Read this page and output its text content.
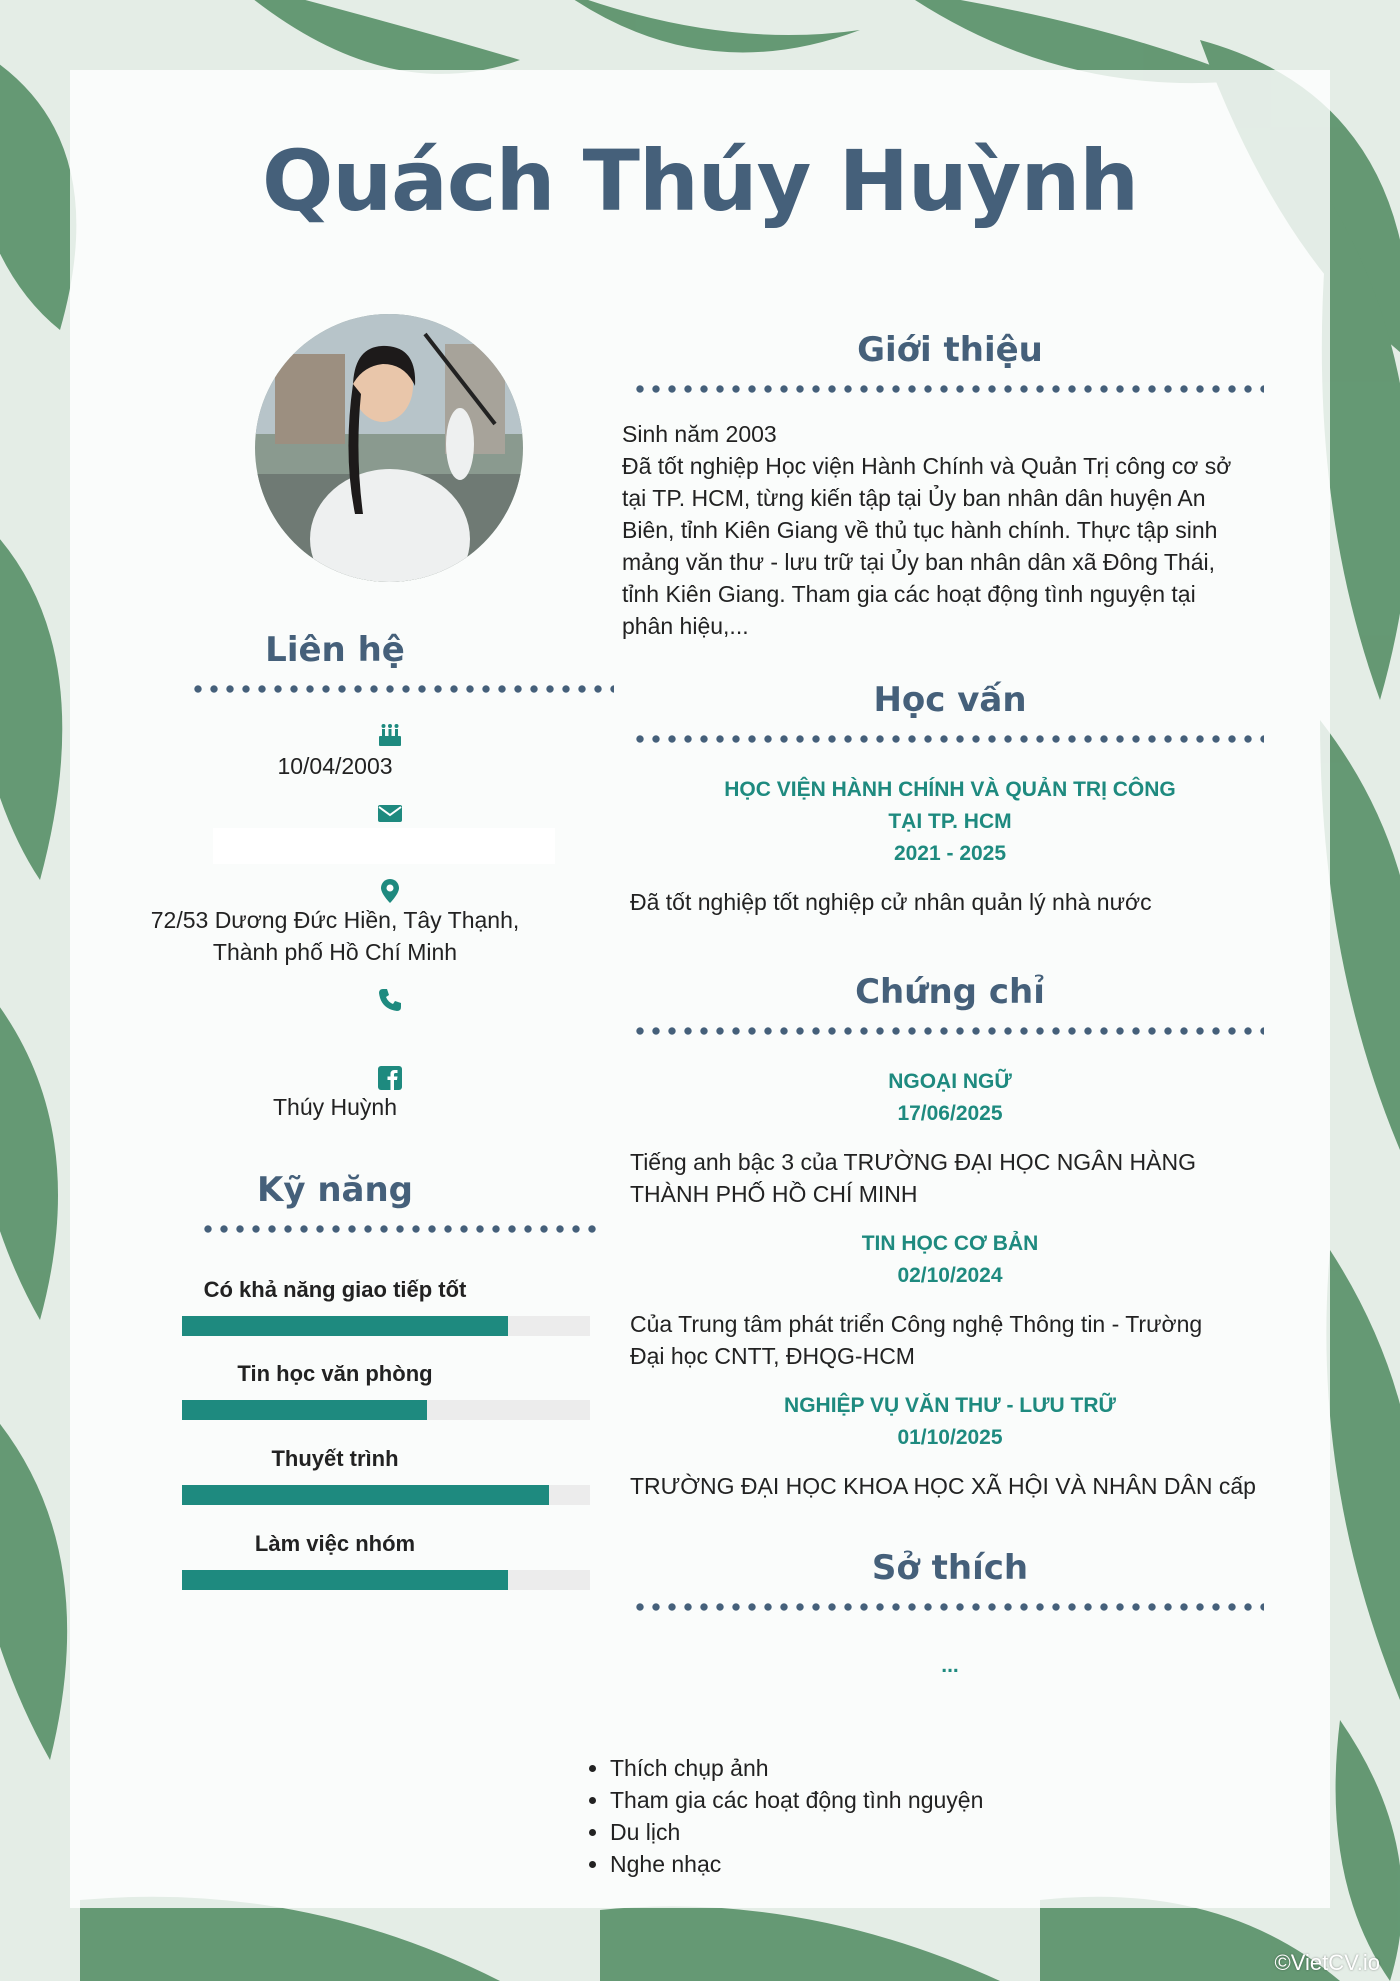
Quách Thúy Huỳnh
Liên hệ
10/04/2003
72/53 Dương Đức Hiền, Tây Thạnh,
Thành phố Hồ Chí Minh
Thúy Huỳnh
Kỹ năng
Có khả năng giao tiếp tốt
Tin học văn phòng
Thuyết trình
Làm việc nhóm
Giới thiệu
Sinh năm 2003
Đã tốt nghiệp Học viện Hành Chính và Quản Trị công cơ sở
tại TP. HCM, từng kiến tập tại Ủy ban nhân dân huyện An
Biên, tỉnh Kiên Giang về thủ tục hành chính. Thực tập sinh
mảng văn thư - lưu trữ tại Ủy ban nhân dân xã Đông Thái,
tỉnh Kiên Giang. Tham gia các hoạt động tình nguyện tại
phân hiệu,...
Học vấn
HỌC VIỆN HÀNH CHÍNH VÀ QUẢN TRỊ CÔNG
TẠI TP. HCM
2021 - 2025
Đã tốt nghiệp tốt nghiệp cử nhân quản lý nhà nước
Chứng chỉ
NGOẠI NGỮ
17/06/2025
Tiếng anh bậc 3 của TRƯỜNG ĐẠI HỌC NGÂN HÀNG
THÀNH PHỐ HỒ CHÍ MINH
TIN HỌC CƠ BẢN
02/10/2024
Của Trung tâm phát triển Công nghệ Thông tin - Trường
Đại học CNTT, ĐHQG-HCM
NGHIỆP VỤ VĂN THƯ - LƯU TRỮ
01/10/2025
TRƯỜNG ĐẠI HỌC KHOA HỌC XÃ HỘI VÀ NHÂN DÂN cấp
Sở thích
...
• Thích chụp ảnh
• Tham gia các hoạt động tình nguyện
• Du lịch
• Nghe nhạc
©VietCV.io
